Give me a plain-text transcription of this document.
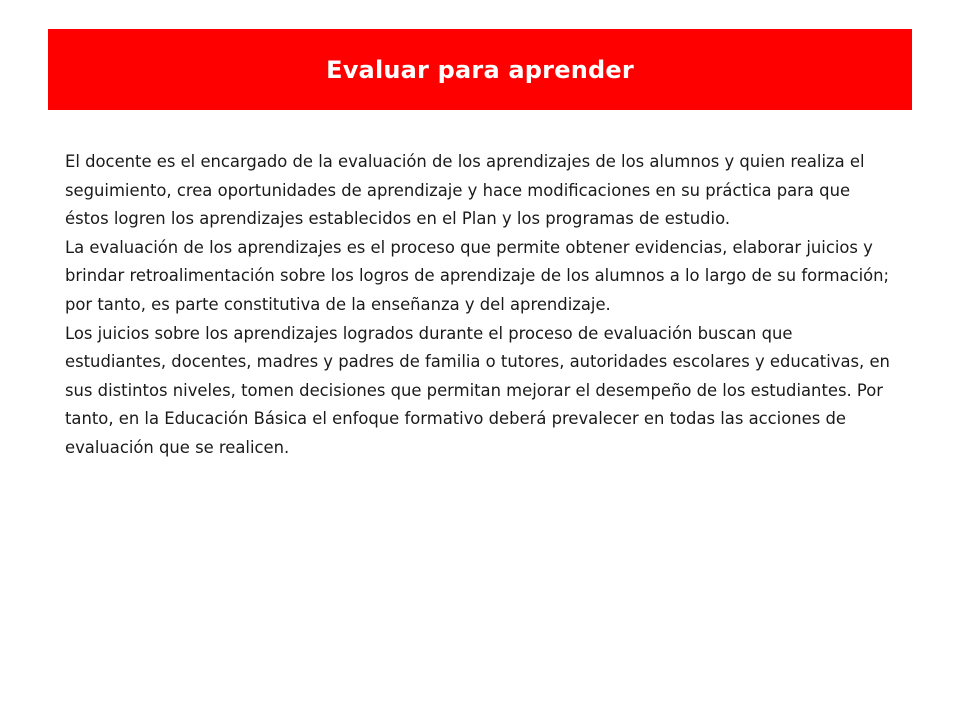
Evaluar para aprender

El docente es el encargado de la evaluación de los aprendizajes de los alumnos y quien realiza el seguimiento, crea oportunidades de aprendizaje y hace modificaciones en su práctica para que éstos logren los aprendizajes establecidos en el Plan y los programas de estudio.

La evaluación de los aprendizajes es el proceso que permite obtener evidencias, elaborar juicios y brindar retroalimentación sobre los logros de aprendizaje de los alumnos a lo largo de su formación; por tanto, es parte constitutiva de la enseñanza y del aprendizaje.

Los juicios sobre los aprendizajes logrados durante el proceso de evaluación buscan que estudiantes, docentes, madres y padres de familia o tutores, autoridades escolares y educativas, en sus distintos niveles, tomen decisiones que permitan mejorar el desempeño de los estudiantes. Por tanto, en la Educación Básica el enfoque formativo deberá prevalecer en todas las acciones de evaluación que se realicen.
